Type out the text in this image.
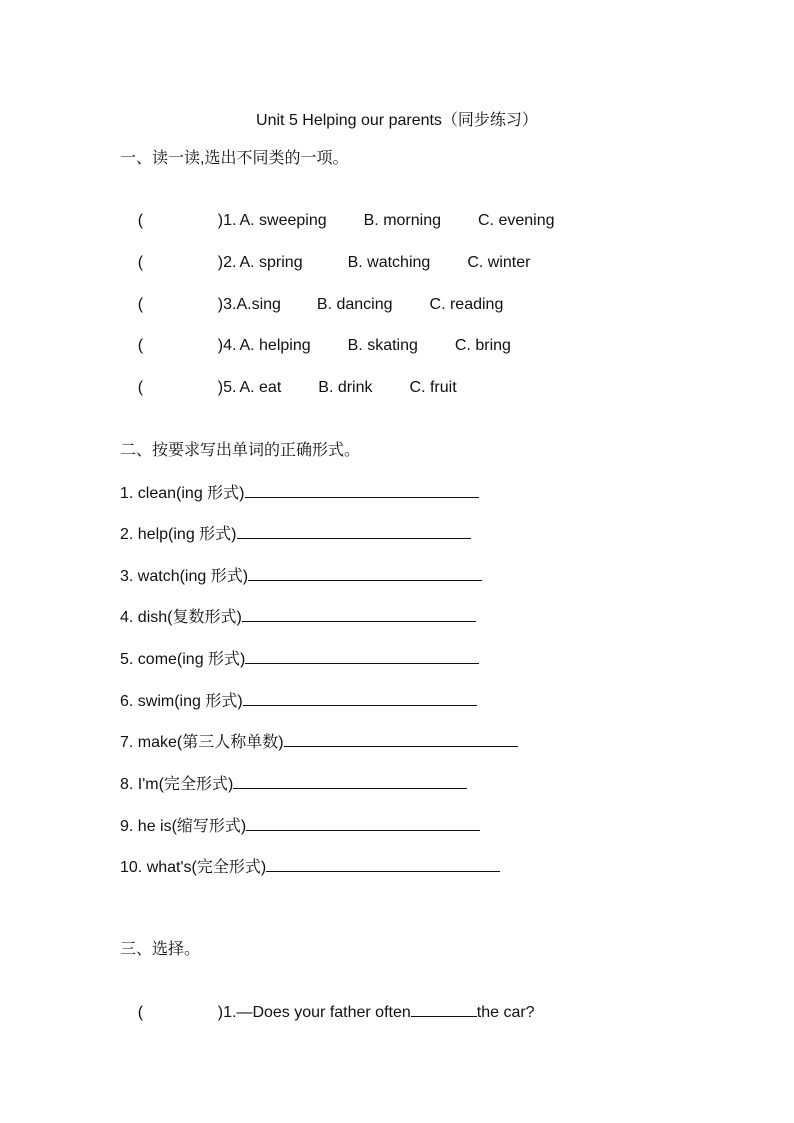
Unit 5 Helping our parents（同步练习）
一、读一读,选出不同类的一项。

(	)1. A. sweeping B. morning C. evening

(	)2. A. spring	B. watching C. winter

(	)3.A.sing B. dancing C. reading

(	)4. A. helping B. skating C. bring

(	)5. A. eat B. drink C. fruit

二、按要求写出单词的正确形式。
1. clean(ing 形式)
2. help(ing 形式)
3. watch(ing 形式)
4. dish(复数形式)
5. come(ing 形式)
6. swim(ing 形式)
7. make(第三人称单数)
8. I'm(完全形式)
9. he is(缩写形式)
10. what's(完全形式)
三、选择。

(	)1.—Does your father often	the car?
